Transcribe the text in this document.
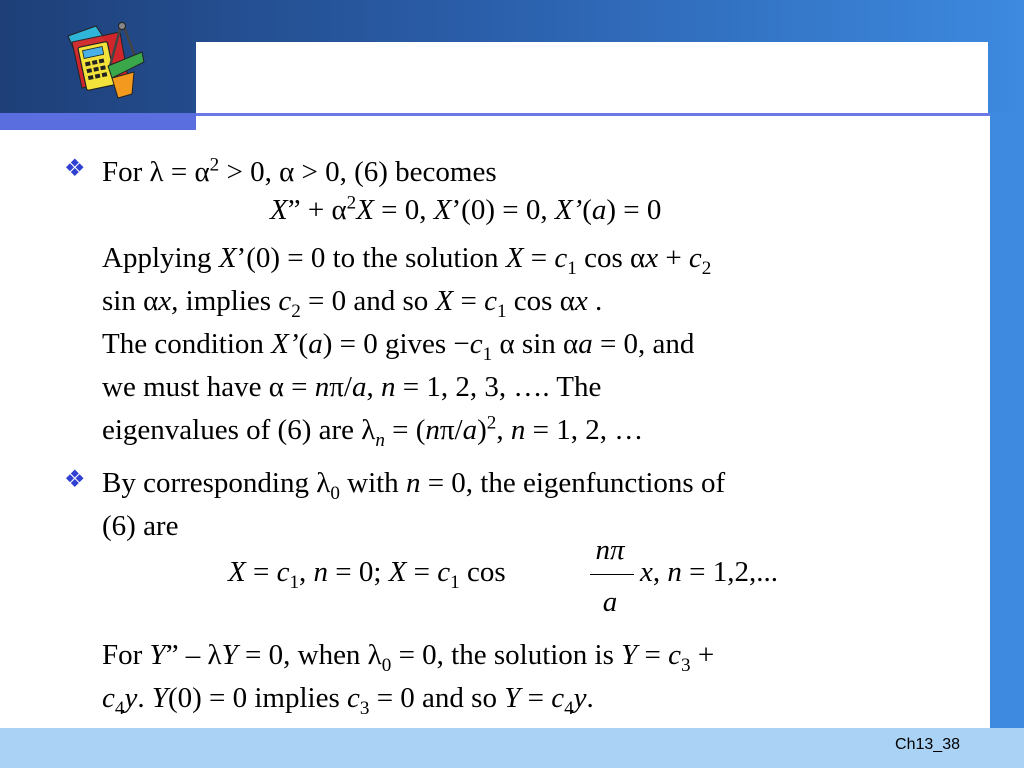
❖ For $\lambda = \alpha^2 > 0$, α > 0, (6) becomes
X” + $\alpha^2X = 0$, X’(0) = 0, X’(a) = 0
Applying X’(0) = 0 to the solution $X = c_1$ $\cos \alpha x + c_2$
sin αx, implies $c_2 = 0$ and so $X = c_1$ cos αx .
The condition X’(a) = 0 gives $-c_1$ α sin αa = 0, and
we must have α = nπ/a, n = 1, 2, 3, …. The
eigenvalues of (6) are $\lambda_n = (n\pi/a)^2$, n = 1, 2, …
❖ By corresponding $\lambda_0$ with n = 0, the eigenfunctions of
(6) are
$X = c_1$, n = 0; $X = c_1$ cos
nπ
a
x, n = 1,2,...
For Y” – λY = 0, when $\lambda_0 = 0$, the solution is $Y = c_3$ +
$c_4y$. Y(0) = 0 implies $c_3 = 0$ and so $Y = c_4y$.
Ch13_38
